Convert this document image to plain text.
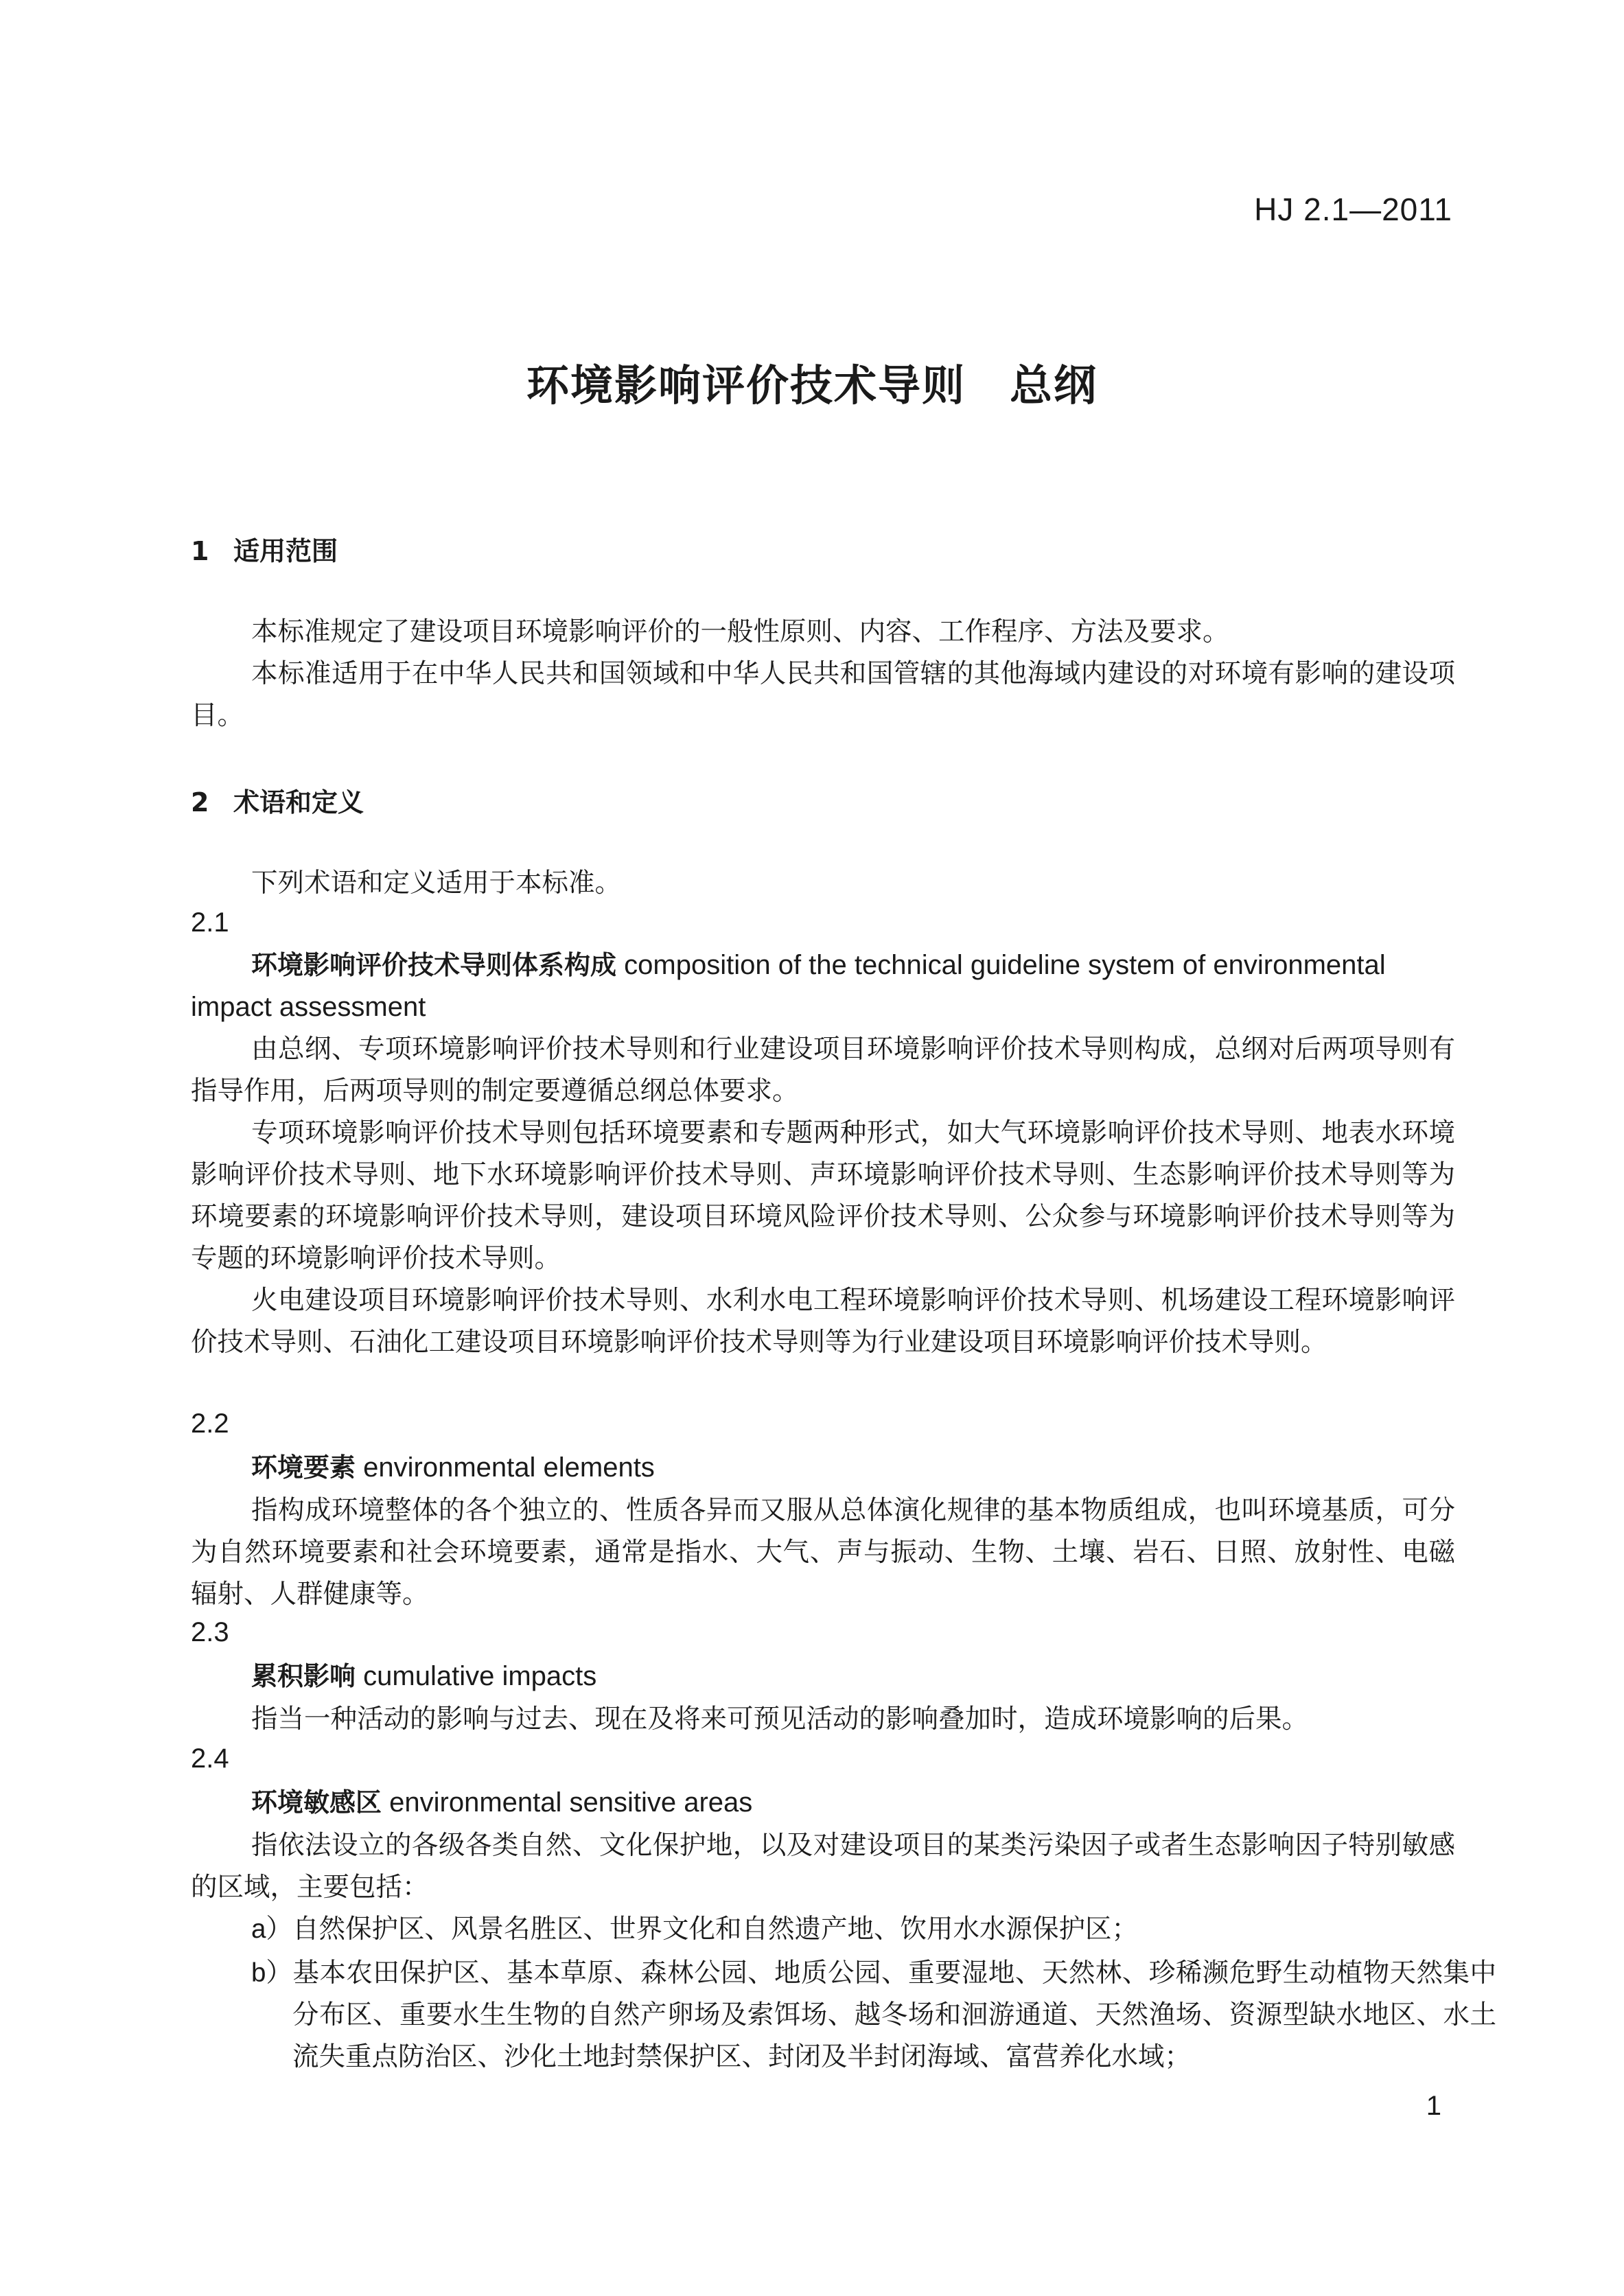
HJ 2.1—2011
环境影响评价技术导则　总纲
1 适用范围

本标准规定了建设项目环境影响评价的一般性原则、内容、工作程序、方法及要求。

本标准适用于在中华人民共和国领域和中华人民共和国管辖的其他海域内建设的对环境有影响的建设项目。

2 术语和定义

下列术语和定义适用于本标准。

2.1

环境影响评价技术导则体系构成 composition of the technical guideline system of environmental impact assessment

由总纲、专项环境影响评价技术导则和行业建设项目环境影响评价技术导则构成，总纲对后两项导则有指导作用，后两项导则的制定要遵循总纲总体要求。

专项环境影响评价技术导则包括环境要素和专题两种形式，如大气环境影响评价技术导则、地表水环境影响评价技术导则、地下水环境影响评价技术导则、声环境影响评价技术导则、生态影响评价技术导则等为环境要素的环境影响评价技术导则，建设项目环境风险评价技术导则、公众参与环境影响评价技术导则等为专题的环境影响评价技术导则。

火电建设项目环境影响评价技术导则、水利水电工程环境影响评价技术导则、机场建设工程环境影响评价技术导则、石油化工建设项目环境影响评价技术导则等为行业建设项目环境影响评价技术导则。

2.2

环境要素 environmental elements

指构成环境整体的各个独立的、性质各异而又服从总体演化规律的基本物质组成，也叫环境基质，可分为自然环境要素和社会环境要素，通常是指水、大气、声与振动、生物、土壤、岩石、日照、放射性、电磁辐射、人群健康等。

2.3

累积影响 cumulative impacts

指当一种活动的影响与过去、现在及将来可预见活动的影响叠加时，造成环境影响的后果。

2.4

环境敏感区 environmental sensitive areas

指依法设立的各级各类自然、文化保护地，以及对建设项目的某类污染因子或者生态影响因子特别敏感的区域，主要包括：

a）自然保护区、风景名胜区、世界文化和自然遗产地、饮用水水源保护区；

b）基本农田保护区、基本草原、森林公园、地质公园、重要湿地、天然林、珍稀濒危野生动植物天然集中分布区、重要水生生物的自然产卵场及索饵场、越冬场和洄游通道、天然渔场、资源型缺水地区、水土流失重点防治区、沙化土地封禁保护区、封闭及半封闭海域、富营养化水域；

1
